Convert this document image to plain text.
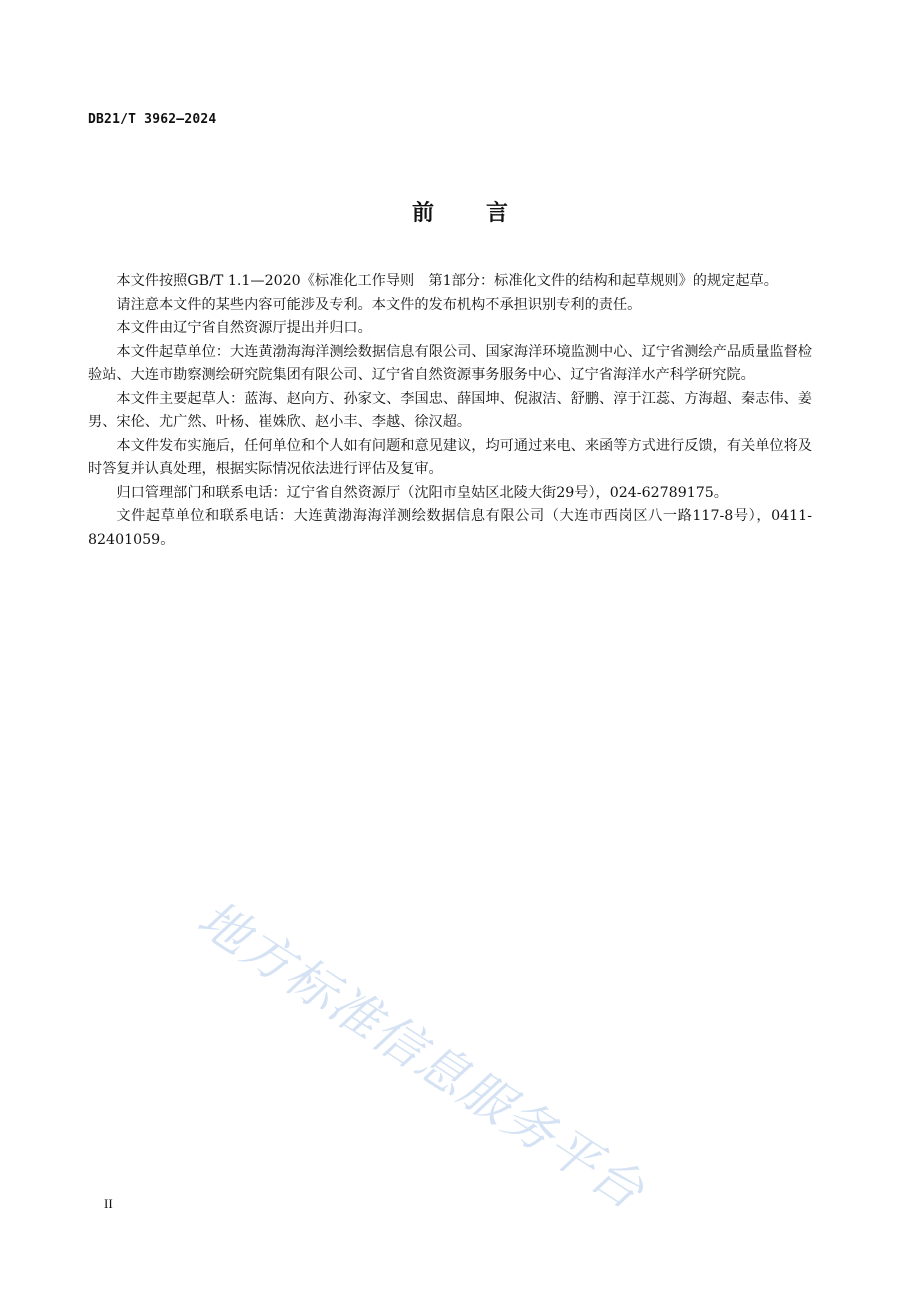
DB21/T 3962—2024
前 言

本文件按照GB/T 1.1—2020《标准化工作导则　第1部分：标准化文件的结构和起草规则》的规定起草。

请注意本文件的某些内容可能涉及专利。本文件的发布机构不承担识别专利的责任。

本文件由辽宁省自然资源厅提出并归口。

本文件起草单位：大连黄渤海海洋测绘数据信息有限公司、国家海洋环境监测中心、辽宁省测绘产品质量监督检验站、大连市勘察测绘研究院集团有限公司、辽宁省自然资源事务服务中心、辽宁省海洋水产科学研究院。

本文件主要起草人：蓝海、赵向方、孙家文、李国忠、薛国坤、倪淑洁、舒鹏、淳于江蕊、方海超、秦志伟、姜男、宋伦、尤广然、叶杨、崔姝欣、赵小丰、李越、徐汉超。

本文件发布实施后，任何单位和个人如有问题和意见建议，均可通过来电、来函等方式进行反馈，有关单位将及时答复并认真处理，根据实际情况依法进行评估及复审。

归口管理部门和联系电话：辽宁省自然资源厅（沈阳市皇姑区北陵大街29号），024-62789175。

文件起草单位和联系电话：大连黄渤海海洋测绘数据信息有限公司（大连市西岗区八一路117-8号），0411-82401059。

地方标准信息服务平台
II
